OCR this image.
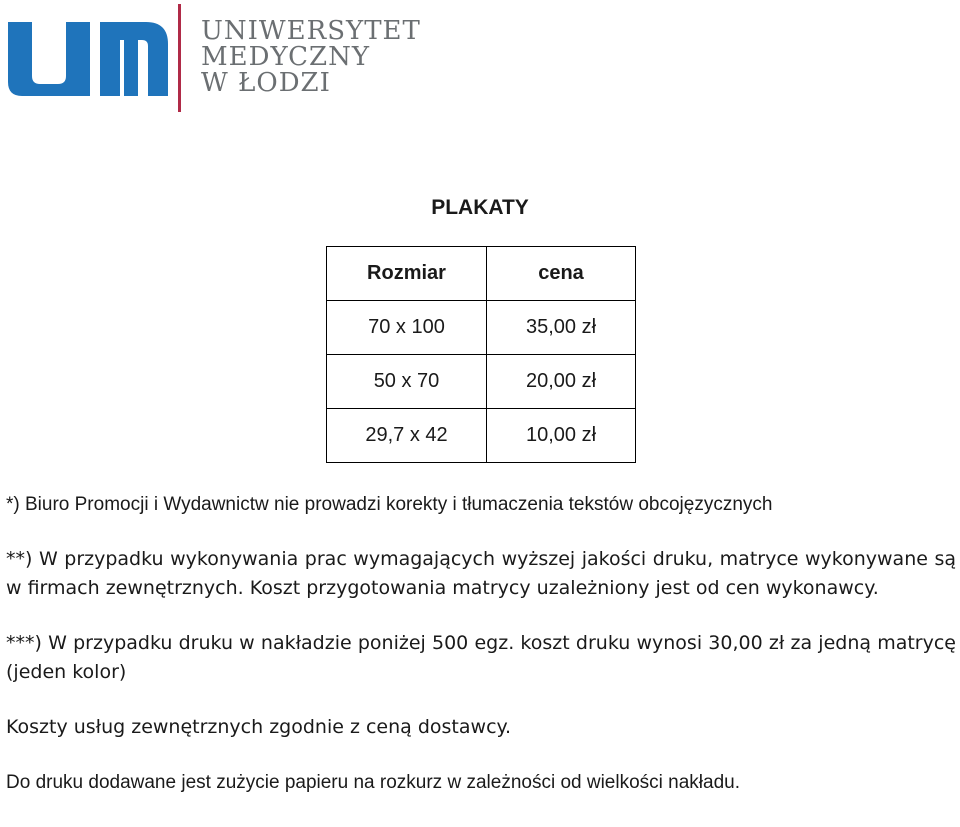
UNIWERSYTET
MEDYCZNY
W ŁODZI
PLAKATY
Rozmiar	cena
70 x 100	35,00 zł
50 x 70	20,00 zł
29,7 x 42	10,00 zł

*) Biuro Promocji i Wydawnictw nie prowadzi korekty i tłumaczenia tekstów obcojęzycznych

**) W przypadku wykonywania prac wymagających wyższej jakości druku, matryce wykonywane są w firmach zewnętrznych. Koszt przygotowania matrycy uzależniony jest od cen wykonawcy.

***) W przypadku druku w nakładzie poniżej 500 egz. koszt druku wynosi 30,00 zł za jedną matrycę (jeden kolor)

Koszty usług zewnętrznych zgodnie z ceną dostawcy.

Do druku dodawane jest zużycie papieru na rozkurz w zależności od wielkości nakładu.
